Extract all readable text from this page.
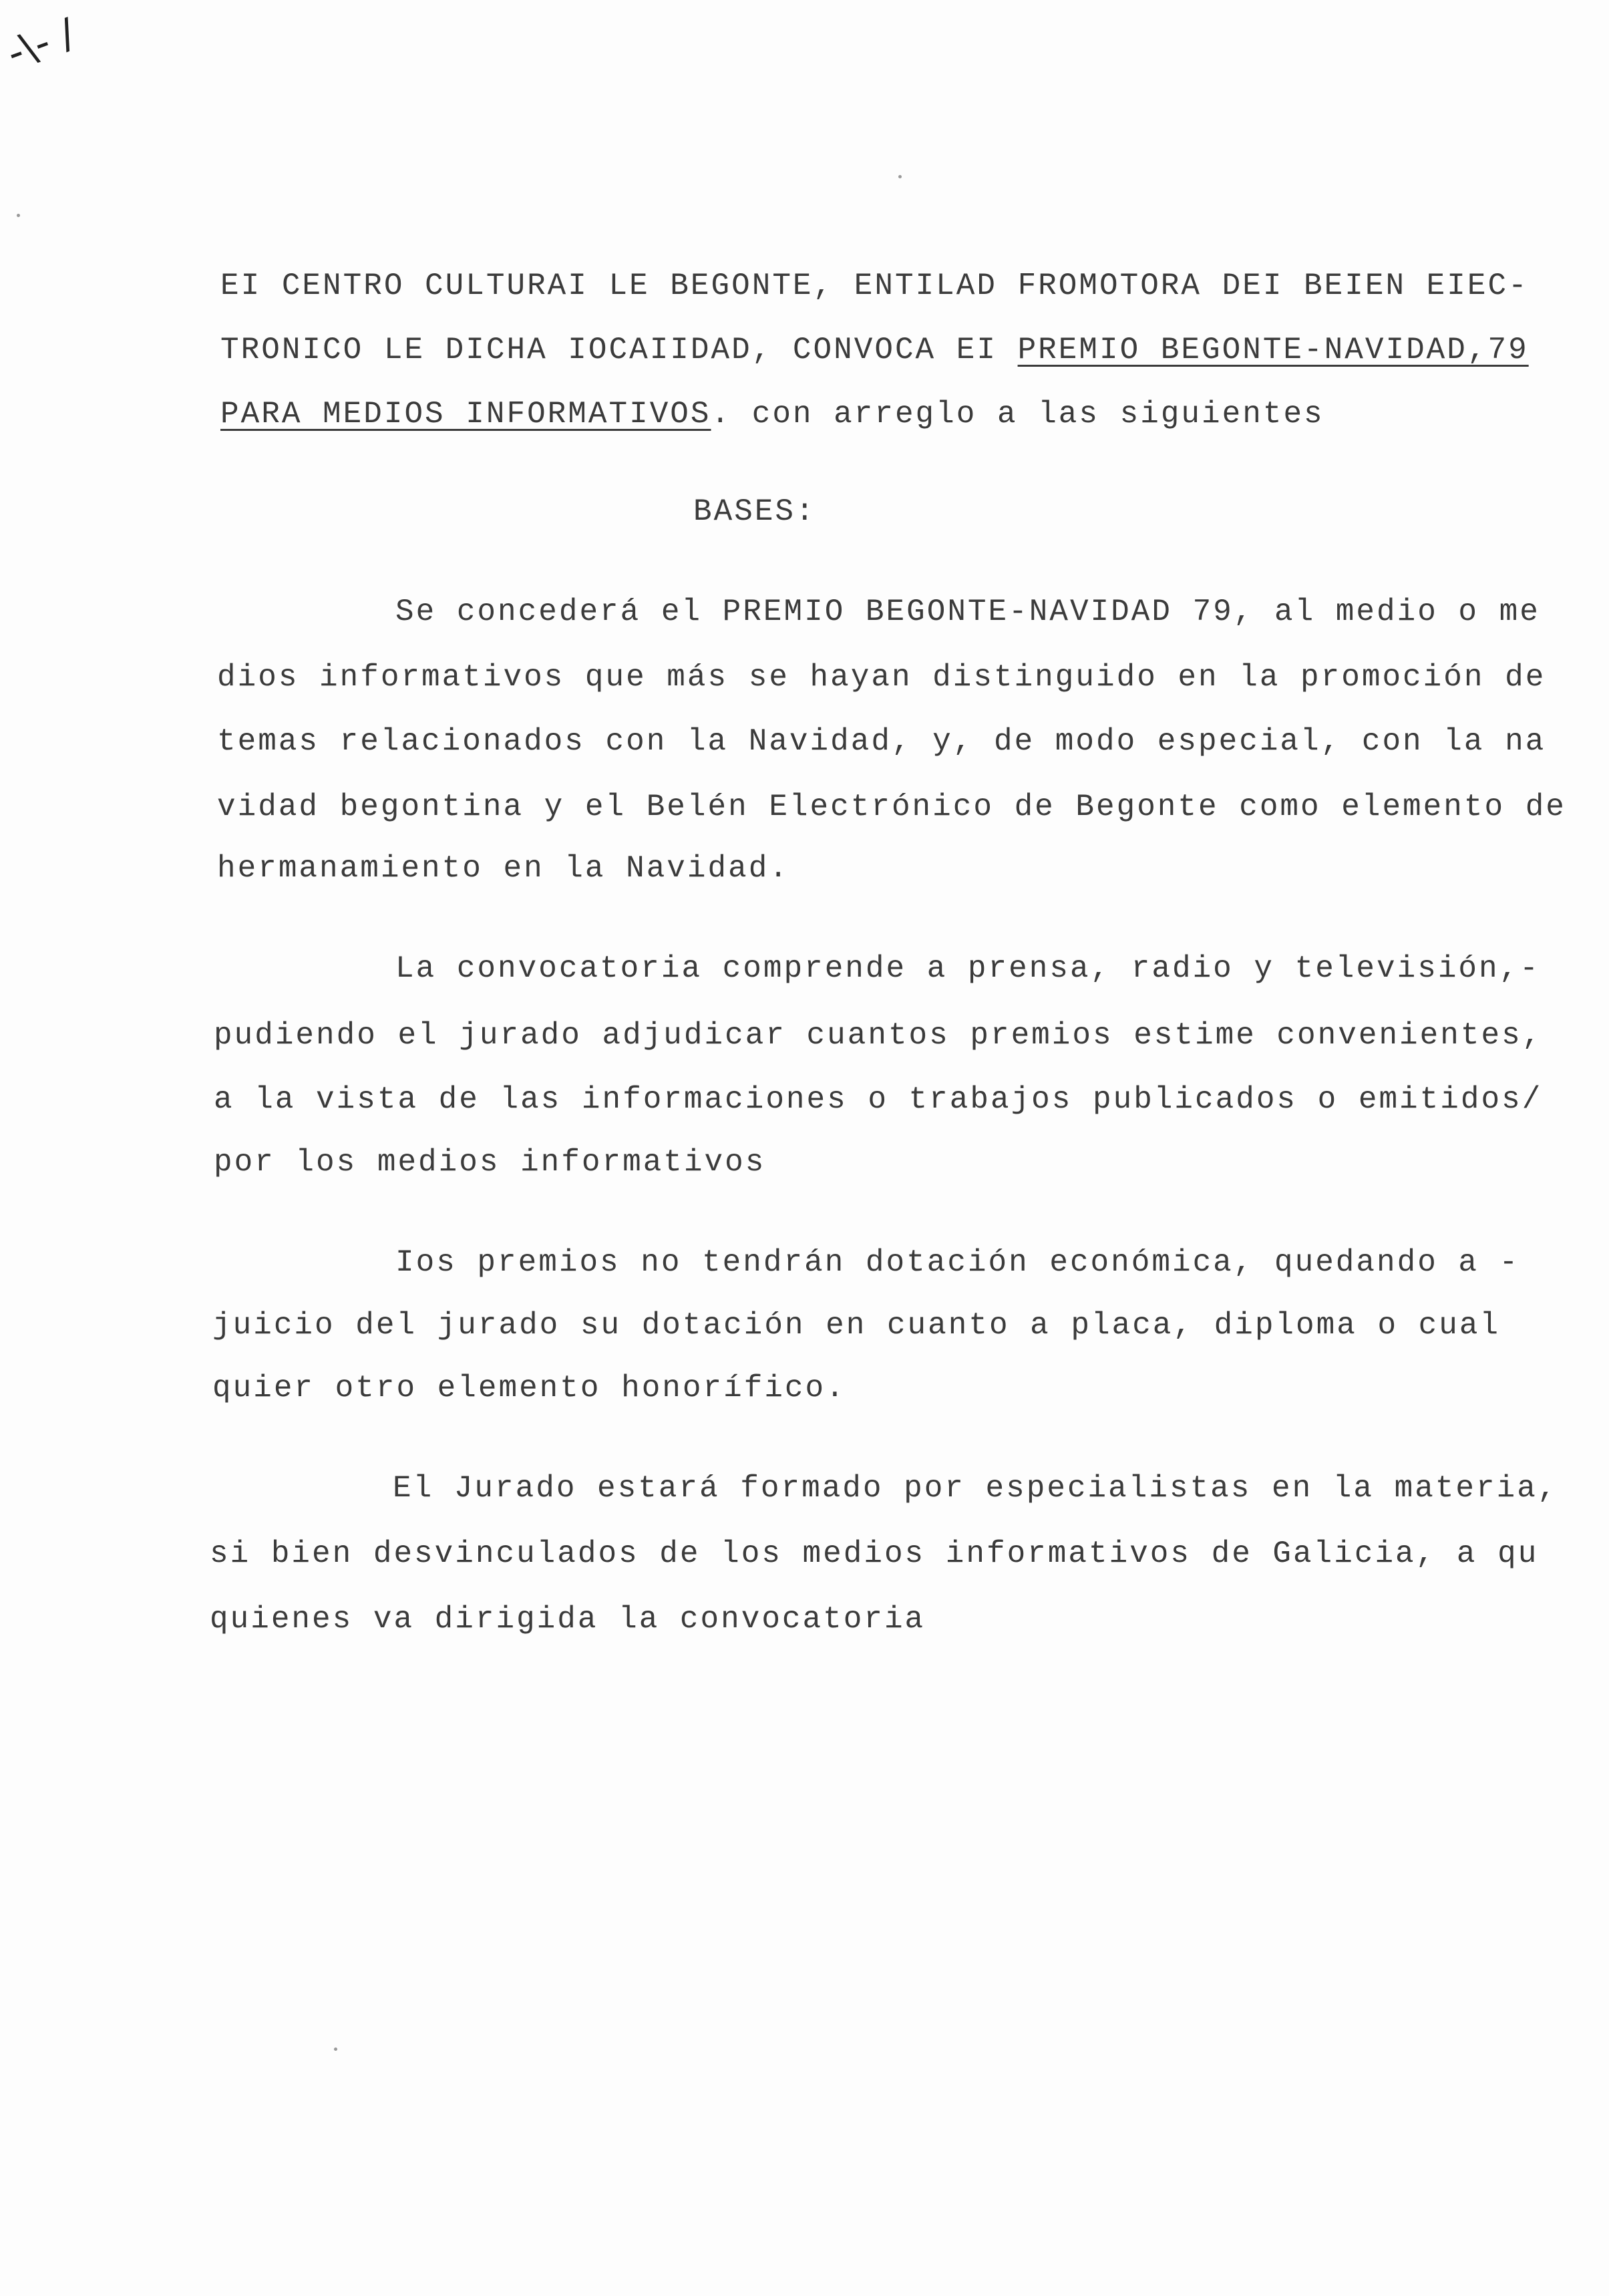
-\- /
EI CENTRO CULTURAI LE BEGONTE, ENTILAD FROMOTORA DEI BEIEN EIEC-
TRONICO LE DICHA IOCAIIDAD, CONVOCA EI PREMIO BEGONTE-NAVIDAD,79
PARA MEDIOS INFORMATIVOS. con arreglo a las siguientes
BASES:
Se concederá el PREMIO BEGONTE-NAVIDAD 79, al medio o me
dios informativos que más se hayan distinguido en la promoción de
temas relacionados con la Navidad, y, de modo especial, con la na
vidad begontina y el Belén Electrónico de Begonte como elemento de
hermanamiento en la Navidad.
La convocatoria comprende a prensa, radio y televisión,-
pudiendo el jurado adjudicar cuantos premios estime convenientes,
a la vista de las informaciones o trabajos publicados o emitidos/
por los medios informativos
Ios premios no tendrán dotación económica, quedando a -
juicio del jurado su dotación en cuanto a placa, diploma o cual
quier otro elemento honorífico.
El Jurado estará formado por especialistas en la materia,
si bien desvinculados de los medios informativos de Galicia, a qu
quienes va dirigida la convocatoria
